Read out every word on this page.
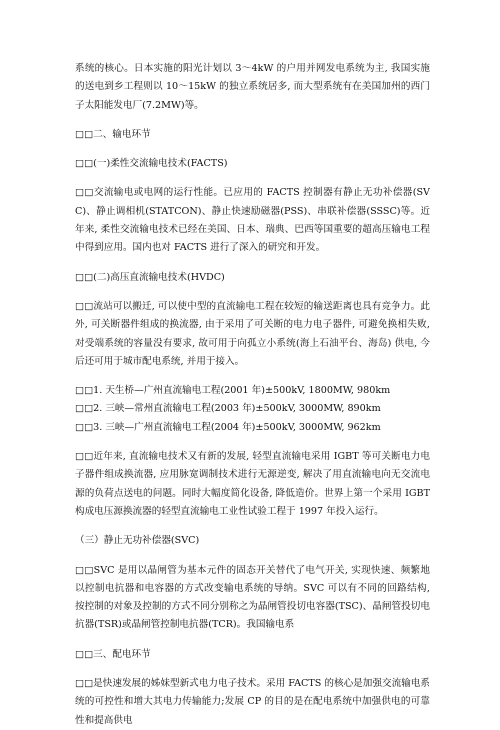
系统的核心。日本实施的阳光计划以 3～4kW 的户用并网发电系统为主, 我国实施的送电到乡工程则以 10～15kW 的独立系统居多, 而大型系统有在美国加州的西门子太阳能发电厂(7.2MW)等。

□□二、输电环节

□□(一)柔性交流输电技术(FACTS)

□□交流输电或电网的运行性能。已应用的 FACTS 控制器有静止无功补偿器(SVC)、静止调相机(STATCON)、静止快速励磁器(PSS)、串联补偿器(SSSC)等。近年来, 柔性交流输电技术已经在美国、日本、瑞典、巴西等国重要的超高压输电工程中得到应用。国内也对 FACTS 进行了深入的研究和开发。

□□(二)高压直流输电技术(HVDC)

□□流站可以搬迁, 可以使中型的直流输电工程在较短的输送距离也具有竞争力。此外, 可关断器件组成的换流器, 由于采用了可关断的电力电子器件, 可避免换相失败, 对受端系统的容量没有要求, 故可用于向孤立小系统(海上石油平台、海岛) 供电, 今后还可用于城市配电系统, 并用于接入。

□□1. 天生桥—广州直流输电工程(2001 年)±500kV, 1800MW, 980km
□□2. 三峡—常州直流输电工程(2003 年)±500kV, 3000MW, 890km
□□3. 三峡—广州直流输电工程(2004 年)±500kV, 3000MW, 962km

□□近年来, 直流输电技术又有新的发展, 轻型直流输电采用 IGBT 等可关断电力电子器件组成换流器, 应用脉宽调制技术进行无源逆变, 解决了用直流输电向无交流电源的负荷点送电的问题。同时大幅度简化设备, 降低造价。世界上第一个采用 IGBT 构成电压源换流器的轻型直流输电工业性试验工程于 1997 年投入运行。

（三）静止无功补偿器(SVC)

□□SVC 是用以晶闸管为基本元件的固态开关替代了电气开关, 实现快速、频繁地以控制电抗器和电容器的方式改变输电系统的导纳。SVC 可以有不同的回路结构, 按控制的对象及控制的方式不同分别称之为晶闸管投切电容器(TSC)、晶闸管投切电抗器(TSR)或晶闸管控制电抗器(TCR)。我国输电系

□□三、配电环节

□□是快速发展的姊妹型新式电力电子技术。采用 FACTS 的核心是加强交流输电系统的可控性和增大其电力传输能力;发展 CP 的目的是在配电系统中加强供电的可靠性和提高供电
